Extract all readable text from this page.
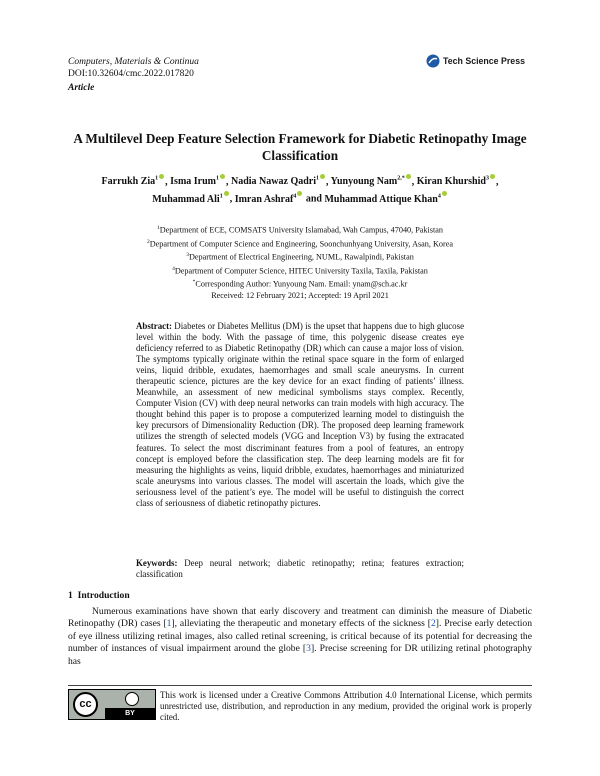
Computers, Materials & Continua
DOI:10.32604/cmc.2022.017820
Article
Tech Science Press
A Multilevel Deep Feature Selection Framework for Diabetic Retinopathy Image Classification
Farrukh Zia$^1$ , Isma Irum$^1$ , Nadia Nawaz Qadri$^1$ , Yunyoung Nam$^{2,*}$ , Kiran Khurshid$^3$ ,
Muhammad Ali$^1$ , Imran Ashraf$^4$ and Muhammad Attique Khan$^4$
$^1$Department of ECE, COMSATS University Islamabad, Wah Campus, 47040, Pakistan
$^2$Department of Computer Science and Engineering, Soonchunhyang University, Asan, Korea
$^3$Department of Electrical Engineering, NUML, Rawalpindi, Pakistan
$^4$Department of Computer Science, HITEC University Taxila, Taxila, Pakistan
*Corresponding Author: Yunyoung Nam. Email: ynam@sch.ac.kr
Received: 12 February 2021; Accepted: 19 April 2021
Abstract: Diabetes or Diabetes Mellitus (DM) is the upset that happens due to high glucose level within the body. With the passage of time, this polygenic disease creates eye deficiency referred to as Diabetic Retinopathy (DR) which can cause a major loss of vision. The symptoms typically originate within the retinal space square in the form of enlarged veins, liquid dribble, exudates, haemorrhages and small scale aneurysms. In current therapeutic science, pictures are the key device for an exact finding of patients’ illness. Meanwhile, an assessment of new medicinal symbolisms stays complex. Recently, Computer Vision (CV) with deep neural networks can train models with high accuracy. The thought behind this paper is to propose a computerized learning model to distinguish the key precursors of Dimensionality Reduction (DR). The proposed deep learning framework utilizes the strength of selected models (VGG and Inception V3) by fusing the extracated features. To select the most discriminant features from a pool of features, an entropy concept is employed before the classification step. The deep learning models are fit for measuring the highlights as veins, liquid dribble, exudates, haemorrhages and miniaturized scale aneurysms into various classes. The model will ascertain the loads, which give the seriousness level of the patient’s eye. The model will be useful to distinguish the correct class of seriousness of diabetic retinopathy pictures.
Keywords: Deep neural network; diabetic retinopathy; retina; features extraction; classification
1 Introduction
Numerous examinations have shown that early discovery and treatment can diminish the measure of Diabetic Retinopathy (DR) cases [1], alleviating the therapeutic and monetary effects of the sickness [2]. Precise early detection of eye illness utilizing retinal images, also called retinal screening, is critical because of its potential for decreasing the number of instances of visual impairment around the globe [3]. Precise screening for DR utilizing retinal photography has
cc
BY
This work is licensed under a Creative Commons Attribution 4.0 International License, which permits unrestricted use, distribution, and reproduction in any medium, provided the original work is properly cited.
